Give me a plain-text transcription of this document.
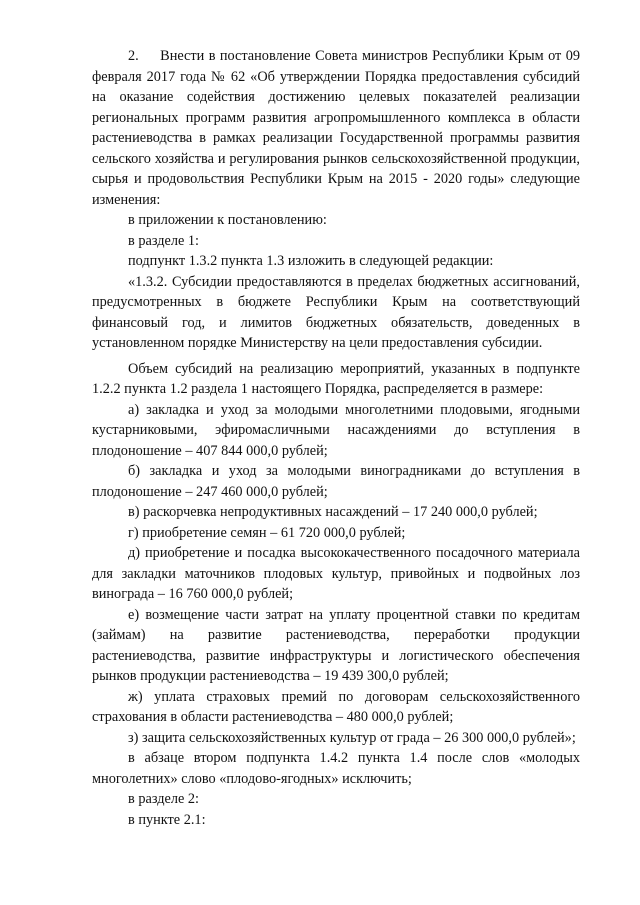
2.  Внести в постановление Совета министров Республики Крым от 09 февраля 2017 года № 62 «Об утверждении Порядка предоставления субсидий на оказание содействия достижению целевых показателей реализации региональных программ развития агропромышленного комплекса в области растениеводства в рамках реализации Государственной программы развития сельского хозяйства и регулирования рынков сельскохозяйственной продукции, сырья и продовольствия Республики Крым на 2015 - 2020 годы» следующие изменения:

в приложении к постановлению:

в разделе 1:

подпункт 1.3.2 пункта 1.3 изложить в следующей редакции:

«1.3.2. Субсидии предоставляются в пределах бюджетных ассигнований, предусмотренных в бюджете Республики Крым на соответствующий финансовый год, и лимитов бюджетных обязательств, доведенных в установленном порядке Министерству на цели предоставления субсидии.

Объем субсидий на реализацию мероприятий, указанных в подпункте 1.2.2 пункта 1.2 раздела 1 настоящего Порядка, распределяется в размере:

а) закладка и уход за молодыми многолетними плодовыми, ягодными кустарниковыми, эфиромасличными насаждениями до вступления в плодоношение – 407 844 000,0 рублей;

б) закладка и уход за молодыми виноградниками до вступления в плодоношение – 247 460 000,0 рублей;

в) раскорчевка непродуктивных насаждений – 17 240 000,0 рублей;

г) приобретение семян – 61 720 000,0 рублей;

д) приобретение и посадка высококачественного посадочного материала для закладки маточников плодовых культур, привойных и подвойных лоз винограда – 16 760 000,0 рублей;

е) возмещение части затрат на уплату процентной ставки по кредитам (займам) на развитие растениеводства, переработки продукции растениеводства, развитие инфраструктуры и логистического обеспечения рынков продукции растениеводства – 19 439 300,0 рублей;

ж) уплата страховых премий по договорам сельскохозяйственного страхования в области растениеводства – 480 000,0 рублей;

з) защита сельскохозяйственных культур от града – 26 300 000,0 рублей»;

в абзаце втором подпункта 1.4.2 пункта 1.4 после слов «молодых многолетних» слово «плодово-ягодных» исключить;

в разделе 2:

в пункте 2.1:
